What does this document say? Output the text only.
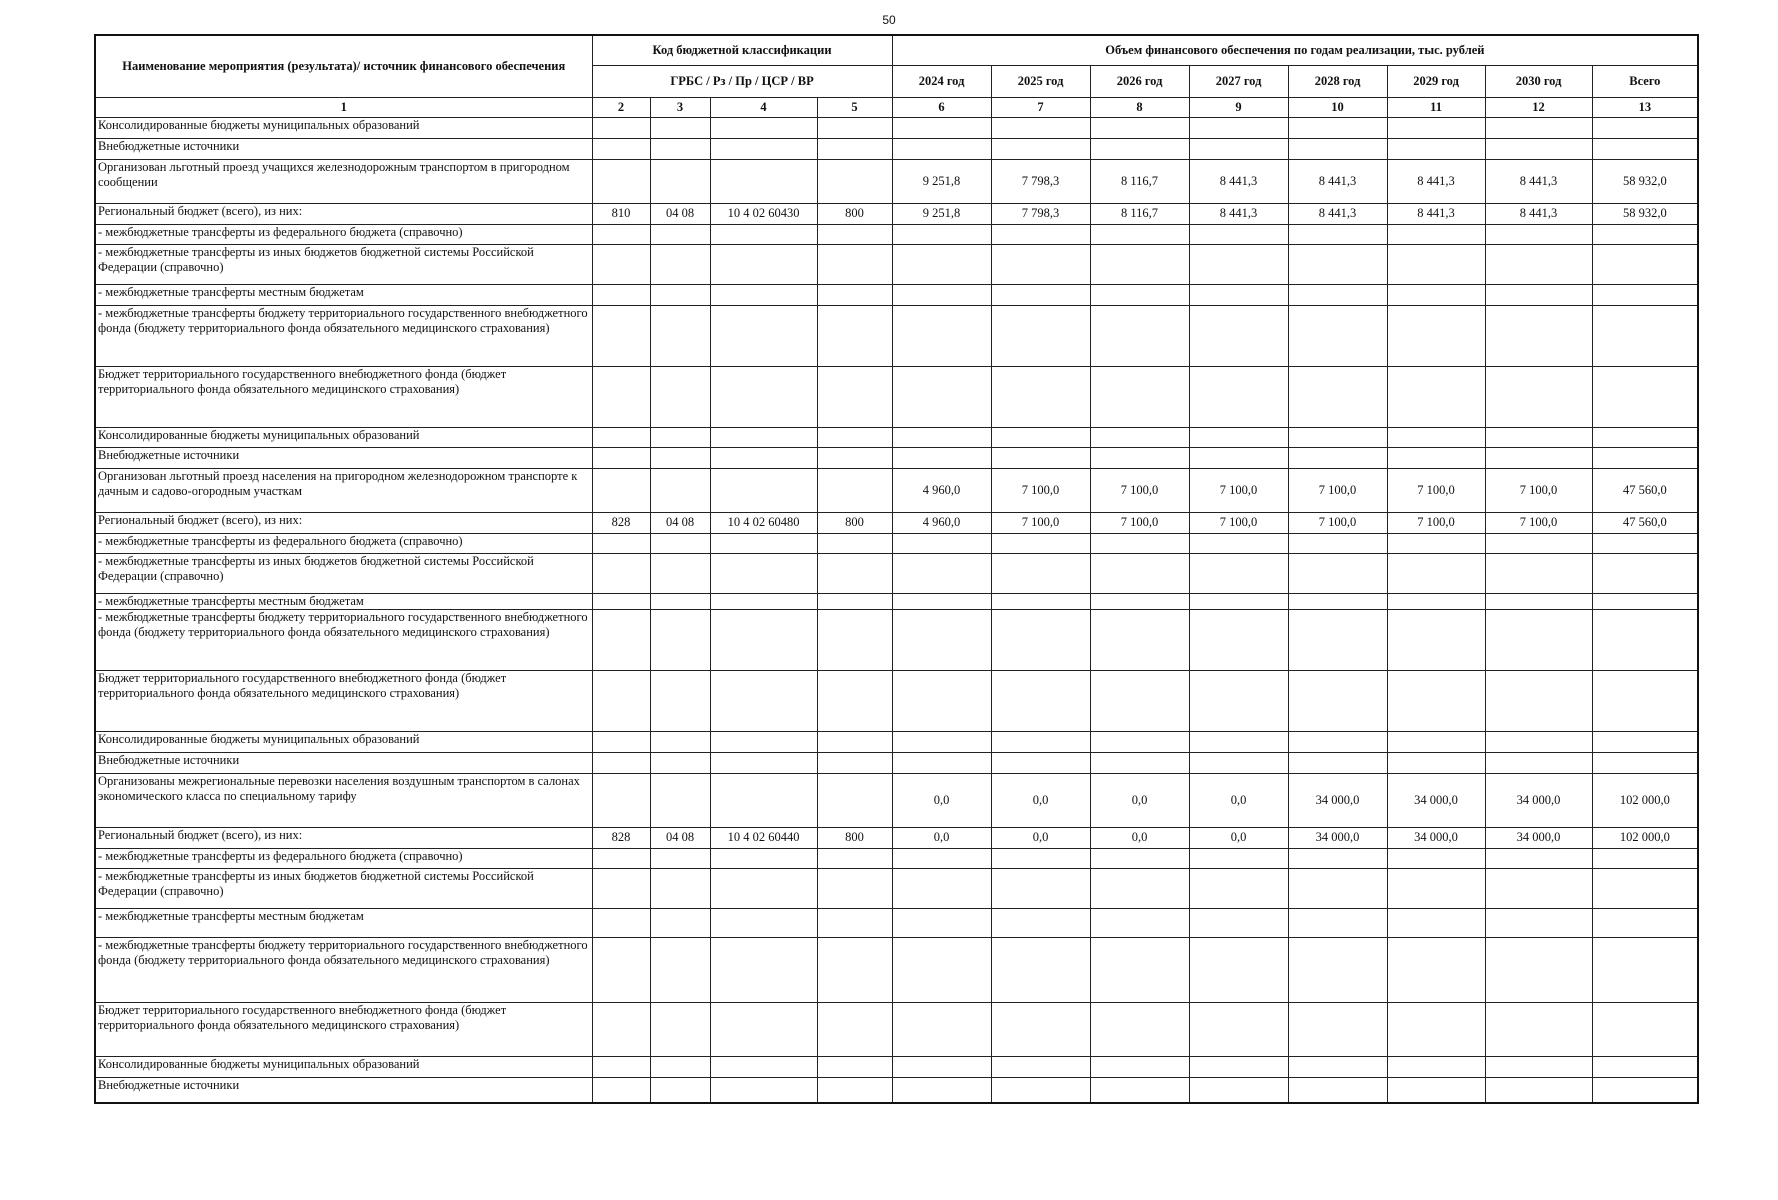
50
Наименование мероприятия (результата)/ источник финансового обеспечения	Код бюджетной классификации				Объем финансового обеспечения по годам реализации, тыс. рублей							
	ГРБС / Рз / Пр / ЦСР / ВР				2024 год	2025 год	2026 год	2027 год	2028 год	2029 год	2030 год	Всего
1	2	3	4	5	6	7	8	9	10	11	12	13
Консолидированные бюджеты муниципальных образований												
Внебюджетные источники												
Организован льготный проезд учащихся железнодорожным транспортом в пригородном сообщении					9 251,8	7 798,3	8 116,7	8 441,3	8 441,3	8 441,3	8 441,3	58 932,0
Региональный бюджет (всего), из них:	810	04 08	10 4 02 60430	800	9 251,8	7 798,3	8 116,7	8 441,3	8 441,3	8 441,3	8 441,3	58 932,0
- межбюджетные трансферты из федерального бюджета (справочно)												
- межбюджетные трансферты из иных бюджетов бюджетной системы Российской Федерации (справочно)												
- межбюджетные трансферты местным бюджетам												
- межбюджетные трансферты бюджету территориального государственного внебюджетного фонда (бюджету территориального фонда обязательного медицинского страхования)												
Бюджет территориального государственного внебюджетного фонда (бюджет территориального фонда обязательного медицинского страхования)												
Консолидированные бюджеты муниципальных образований												
Внебюджетные источники												
Организован льготный проезд населения на пригородном железнодорожном транспорте к дачным и садово-огородным участкам					4 960,0	7 100,0	7 100,0	7 100,0	7 100,0	7 100,0	7 100,0	47 560,0
Региональный бюджет (всего), из них:	828	04 08	10 4 02 60480	800	4 960,0	7 100,0	7 100,0	7 100,0	7 100,0	7 100,0	7 100,0	47 560,0
- межбюджетные трансферты из федерального бюджета (справочно)												
- межбюджетные трансферты из иных бюджетов бюджетной системы Российской Федерации (справочно)												
- межбюджетные трансферты местным бюджетам												
- межбюджетные трансферты бюджету территориального государственного внебюджетного фонда (бюджету территориального фонда обязательного медицинского страхования)												
Бюджет территориального государственного внебюджетного фонда (бюджет территориального фонда обязательного медицинского страхования)												
Консолидированные бюджеты муниципальных образований												
Внебюджетные источники												
Организованы межрегиональные перевозки населения воздушным транспортом в салонах экономического класса по специальному тарифу					0,0	0,0	0,0	0,0	34 000,0	34 000,0	34 000,0	102 000,0
Региональный бюджет (всего), из них:	828	04 08	10 4 02 60440	800	0,0	0,0	0,0	0,0	34 000,0	34 000,0	34 000,0	102 000,0
- межбюджетные трансферты из федерального бюджета (справочно)												
- межбюджетные трансферты из иных бюджетов бюджетной системы Российской Федерации (справочно)												
- межбюджетные трансферты местным бюджетам												
- межбюджетные трансферты бюджету территориального государственного внебюджетного фонда (бюджету территориального фонда обязательного медицинского страхования)												
Бюджет территориального государственного внебюджетного фонда (бюджет территориального фонда обязательного медицинского страхования)												
Консолидированные бюджеты муниципальных образований												
Внебюджетные источники												
